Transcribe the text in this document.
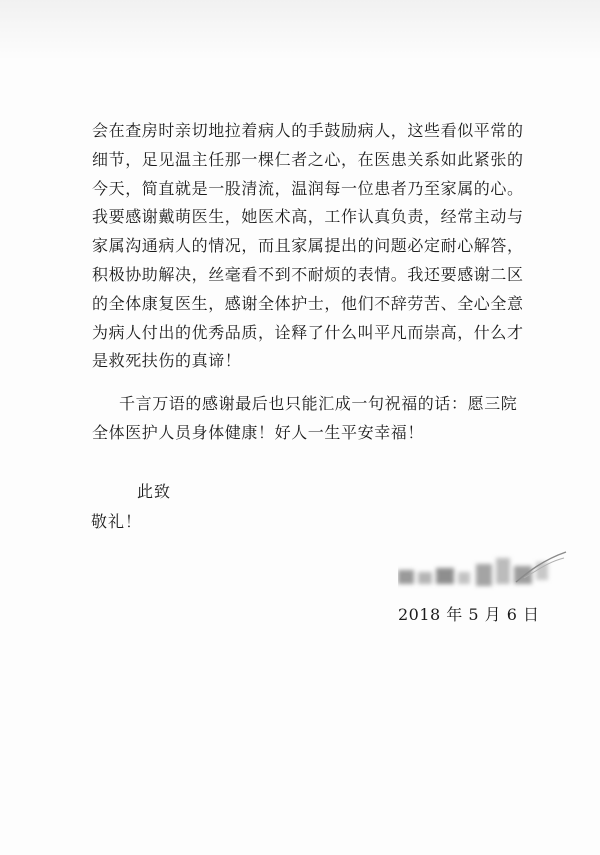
会在查房时亲切地拉着病人的手鼓励病人，这些看似平常的
细节，足见温主任那一棵仁者之心，在医患关系如此紧张的
今天，简直就是一股清流，温润每一位患者乃至家属的心。
我要感谢戴萌医生，她医术高，工作认真负责，经常主动与
家属沟通病人的情况，而且家属提出的问题必定耐心解答，
积极协助解决，丝毫看不到不耐烦的表情。我还要感谢二区
的全体康复医生，感谢全体护士，他们不辞劳苦、全心全意
为病人付出的优秀品质，诠释了什么叫平凡而崇高，什么才
是救死扶伤的真谛！
千言万语的感谢最后也只能汇成一句祝福的话：愿三院
全体医护人员身体健康！好人一生平安幸福！
此致
敬礼！
2018 年 5 月 6 日
